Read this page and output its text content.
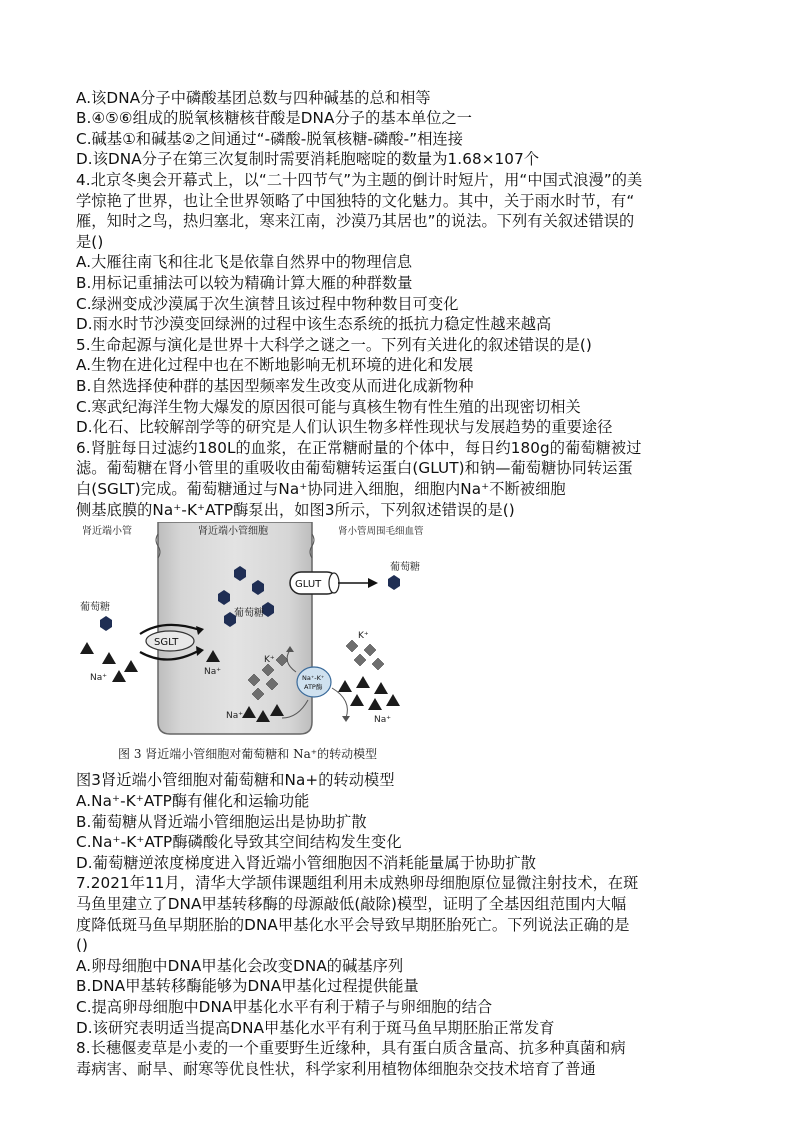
A.该DNA分子中磷酸基团总数与四种碱基的总和相等
B.④⑤⑥组成的脱氧核糖核苷酸是DNA分子的基本单位之一
C.碱基①和碱基②之间通过“-磷酸-脱氧核糖-磷酸-”相连接
D.该DNA分子在第三次复制时需要消耗胞嘧啶的数量为1.68×107个
4.北京冬奥会开幕式上，以“二十四节气”为主题的倒计时短片，用“中国式浪漫”的美
学惊艳了世界，也让全世界领略了中国独特的文化魅力。其中，关于雨水时节，有“
雁，知时之鸟，热归塞北，寒来江南，沙漠乃其居也”的说法。下列有关叙述错误的
是()
A.大雁往南飞和往北飞是依靠自然界中的物理信息
B.用标记重捕法可以较为精确计算大雁的种群数量
C.绿洲变成沙漠属于次生演替且该过程中物种数目可变化
D.雨水时节沙漠变回绿洲的过程中该生态系统的抵抗力稳定性越来越高
5.生命起源与演化是世界十大科学之谜之一。下列有关进化的叙述错误的是()
A.生物在进化过程中也在不断地影响无机环境的进化和发展
B.自然选择使种群的基因型频率发生改变从而进化成新物种
C.寒武纪海洋生物大爆发的原因很可能与真核生物有性生殖的出现密切相关
D.化石、比较解剖学等的研究是人们认识生物多样性现状与发展趋势的重要途径
6.肾脏每日过滤约180L的血浆，在正常糖耐量的个体中，每日约180g的葡萄糖被过
滤。葡萄糖在肾小管里的重吸收由葡萄糖转运蛋白(GLUT)和钠—葡萄糖协同转运蛋
白(SGLT)完成。葡萄糖通过与Na⁺协同进入细胞，细胞内Na⁺不断被细胞
侧基底膜的Na⁺-K⁺ATP酶泵出，如图3所示，下列叙述错误的是()
肾近端小管	肾近端小管细胞	肾小管周围毛细血管
GLUT
葡萄糖
葡萄糖
葡萄糖
SGLT
Na⁺
Na⁺
K⁺
Na⁺
Na⁺-K⁺
ATP酶
K⁺
Na⁺
图 3 肾近端小管细胞对葡萄糖和 Na⁺的转动模型
图3肾近端小管细胞对葡萄糖和Na+的转动模型
A.Na⁺-K⁺ATP酶有催化和运输功能
B.葡萄糖从肾近端小管细胞运出是协助扩散
C.Na⁺-K⁺ATP酶磷酸化导致其空间结构发生变化
D.葡萄糖逆浓度梯度进入肾近端小管细胞因不消耗能量属于协助扩散
7.2021年11月，清华大学颉伟课题组利用未成熟卵母细胞原位显微注射技术，在斑
马鱼里建立了DNA甲基转移酶的母源敲低(敲除)模型，证明了全基因组范围内大幅
度降低斑马鱼早期胚胎的DNA甲基化水平会导致早期胚胎死亡。下列说法正确的是
()
A.卵母细胞中DNA甲基化会改变DNA的碱基序列
B.DNA甲基转移酶能够为DNA甲基化过程提供能量
C.提高卵母细胞中DNA甲基化水平有利于精子与卵细胞的结合
D.该研究表明适当提高DNA甲基化水平有利于斑马鱼早期胚胎正常发育
8.长穗偃麦草是小麦的一个重要野生近缘种，具有蛋白质含量高、抗多种真菌和病
毒病害、耐旱、耐寒等优良性状，科学家利用植物体细胞杂交技术培育了普通
